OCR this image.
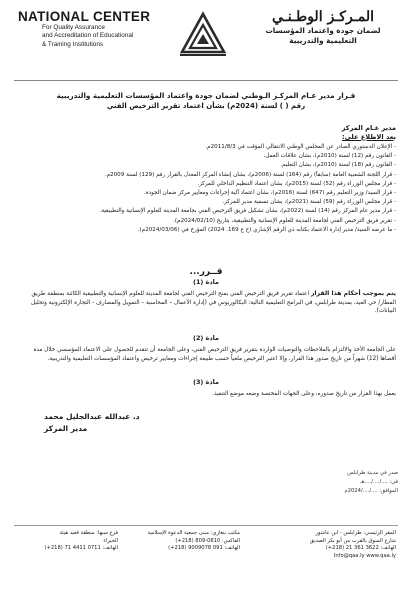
NATIONAL CENTER
For Quality Assurance
and Accreditation of Educational
& Training Institutions
المـركـز الوطـنـي
لضمان جودة واعتماد المؤسسات
التعليمية والتدريبية
قـرار مدير عـام المركـز الـوطني لضمان جودة واعتماد المؤسسات التعليمية والتدريبية
رقم ( ) لسنة (2024م) بشأن اعتماد تقرير الترخيص الفني
مدير عـام المركز
بعد الاطلاع على:
- الإعلان الدستوري الصادر عن المجلس الوطني الانتقالي المؤقت في 2011/8/3م.
- القانون رقم (12) لسنة (2010م)، بشأن علاقات العمل.
- القانون رقم (18) لسنة (2010م)، بشأن التعليم.
- قرار اللجنة الشعبية العامة (سابقاً) رقم (164) لسنة (2006م)، بشأن إنشاء المركز المعدل بالقرار رقم (129) لسنة 2009م.
- قرار مجلس الوزراء رقم (52) لسنة (2015م)، بشأن اعتماد التنظيم الداخلي للمركز.
- قرار السيد/ وزير التعليم رقم (647) لسنة (2016م)، بشأن اعتماد آلية إجراءات ومعايير مركز ضمان الجودة.
- قرار مجلس الوزراء رقم (59) لسنة (2021م)، بشأن تسمية مدير للمركز.
- قرار مدير عام المركز رقم (14) لسنة (2022م)، بشأن تشكيل فريق الترخيص الفني بجامعة المدينة للعلوم الإنسانية والتطبيقية.
- تقرير فريق الترخيص الفني لجامعة المدينة للعلوم الإنسانية والتطبيقية، بتاريخ (2024/02/10م).
- ما عرضه السيد/ مدير إدارة الاعتماد بكتابه ذي الرقم الإشاري (ح ع 169. 2024) المؤرخ في (2024/03/06م).
قــرر...
مادة (1)
يتم بموجب أحكام هذا القرار اعتماد تقرير فريق الترخيص الفني بمنح الترخيص الفني لجامعة المدينة للعلوم الإنسانية والتطبيقية الكائنة بمنطقة طريق المطار/ حي العيد، بمدينة طرابلس، في البرامج التعليمية التالية: البكالوريوس في (إدارة الأعمال – المحاسبة – التمويل والمصارف - التجارة الإلكترونية وتحليل البيانات).
مادة (2)
على الجامعة الأخذ والالتزام بالملاحظات والتوصيات الواردة بتقرير فريق الترخيص الفني، وعلى الجامعة أن تتقدم للحصول على الاعتماد المؤسسي خلال مدة أقصاها (12) شهراً من تاريخ صدور هذا القرار، وإلا اعتبر الترخيص ملغياً حسب طبيعة إجراءات ومعايير ترخيص واعتماد المؤسسات التعليمية والتدريبية.
مادة (3)
يعمل بهذا القرار من تاريخ صدوره، وعلى الجهات المختصة وضعه موضع التنفيذ.
د. عبدالله عبدالجليل محمد
مدير المركز
صدر في مدينة طرابلس
في: ..../..../....هـ
الموافق: ..../..../2024م
فرع سبها: منطقة قعيد هيئة
الخبراء
الهاتف: 0711 4411 71 (218+)
مكتب بنغازي: مبنى جمعية الدعوة الإسلامية
الفاكس: 0810-809 (218+)
الهاتف: 091 9009078 (218+)
المقر الرئيسي: طرابلس - ابن عاشور
شارع السوق بالقرب من أبو بكر الصديق
الهاتف: 3622 361 21 (218+)
Info@qaa.ly www.qaa.ly
